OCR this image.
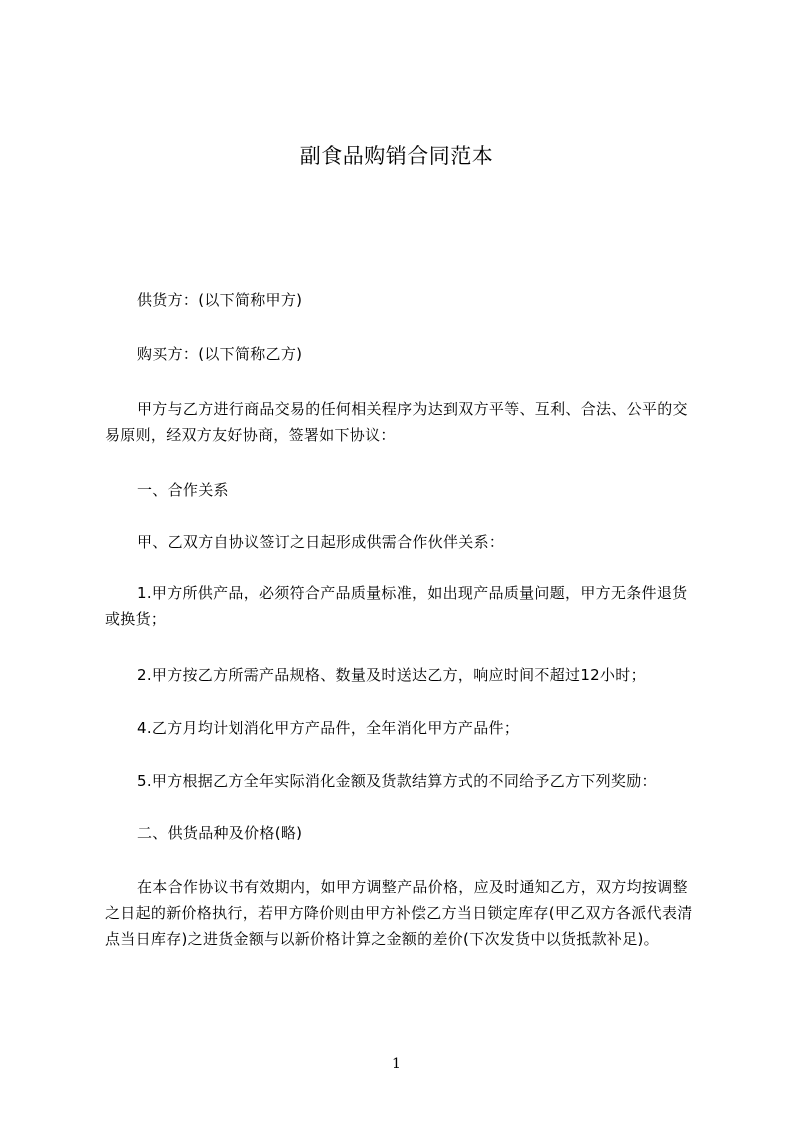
副食品购销合同范本

供货方：(以下简称甲方)

购买方：(以下简称乙方)

甲方与乙方进行商品交易的任何相关程序为达到双方平等、互利、合法、公平的交易原则，经双方友好协商，签署如下协议：

一、合作关系

甲、乙双方自协议签订之日起形成供需合作伙伴关系：

1.甲方所供产品，必须符合产品质量标准，如出现产品质量问题，甲方无条件退货或换货；

2.甲方按乙方所需产品规格、数量及时送达乙方，响应时间不超过12小时；

4.乙方月均计划消化甲方产品件，全年消化甲方产品件；

5.甲方根据乙方全年实际消化金额及货款结算方式的不同给予乙方下列奖励：

二、供货品种及价格(略)

在本合作协议书有效期内，如甲方调整产品价格，应及时通知乙方，双方均按调整之日起的新价格执行，若甲方降价则由甲方补偿乙方当日锁定库存(甲乙双方各派代表清点当日库存)之进货金额与以新价格计算之金额的差价(下次发货中以货抵款补足)。

1
